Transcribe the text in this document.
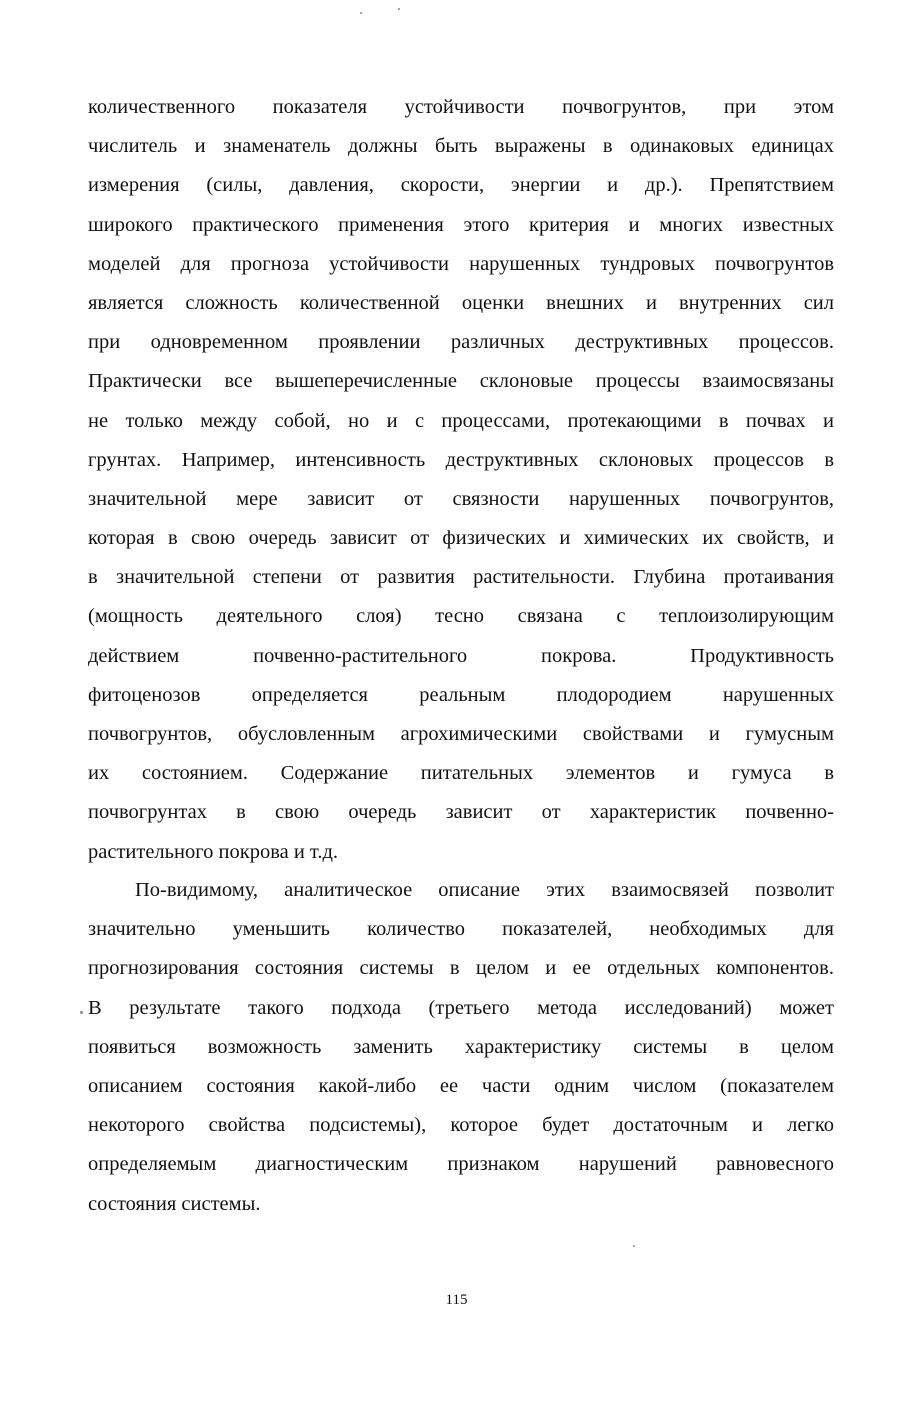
количественного показателя устойчивости почвогрунтов, при этом
числитель и знаменатель должны быть выражены в одинаковых единицах
измерения (силы, давления, скорости, энергии и др.). Препятствием
широкого практического применения этого критерия и многих известных
моделей для прогноза устойчивости нарушенных тундровых почвогрунтов
является сложность количественной оценки внешних и внутренних сил
при одновременном проявлении различных деструктивных процессов.
Практически все вышеперечисленные склоновые процессы взаимосвязаны
не только между собой, но и с процессами, протекающими в почвах и
грунтах. Например, интенсивность деструктивных склоновых процессов в
значительной мере зависит от связности нарушенных почвогрунтов,
которая в свою очередь зависит от физических и химических их свойств, и
в значительной степени от развития растительности. Глубина протаивания
(мощность деятельного слоя) тесно связана с теплоизолирующим
действием почвенно-растительного покрова. Продуктивность
фитоценозов определяется реальным плодородием нарушенных
почвогрунтов, обусловленным агрохимическими свойствами и гумусным
их состоянием. Содержание питательных элементов и гумуса в
почвогрунтах в свою очередь зависит от характеристик почвенно-
растительного покрова и т.д.
По-видимому, аналитическое описание этих взаимосвязей позволит
значительно уменьшить количество показателей, необходимых для
прогнозирования состояния системы в целом и ее отдельных компонентов.
В результате такого подхода (третьего метода исследований) может
появиться возможность заменить характеристику системы в целом
описанием состояния какой-либо ее части одним числом (показателем
некоторого свойства подсистемы), которое будет достаточным и легко
определяемым диагностическим признаком нарушений равновесного
состояния системы.
115
